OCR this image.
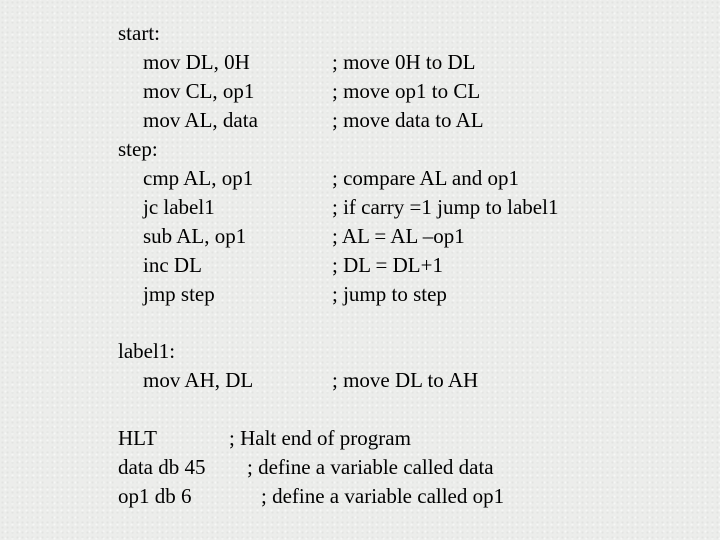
start:
mov DL, 0H	; move 0H to DL
mov CL, op1	; move op1 to CL
mov AL, data	; move data to AL
step:
cmp AL, op1	; compare AL and op1
jc label1	; if carry =1 jump to label1
sub AL, op1	; AL = AL –op1
inc DL	; DL = DL+1
jmp step	; jump to step
label1:
mov AH, DL	; move DL to AH
HLT	; Halt end of program
data db 45 ; define a variable called data
op1 db 6	; define a variable called op1
